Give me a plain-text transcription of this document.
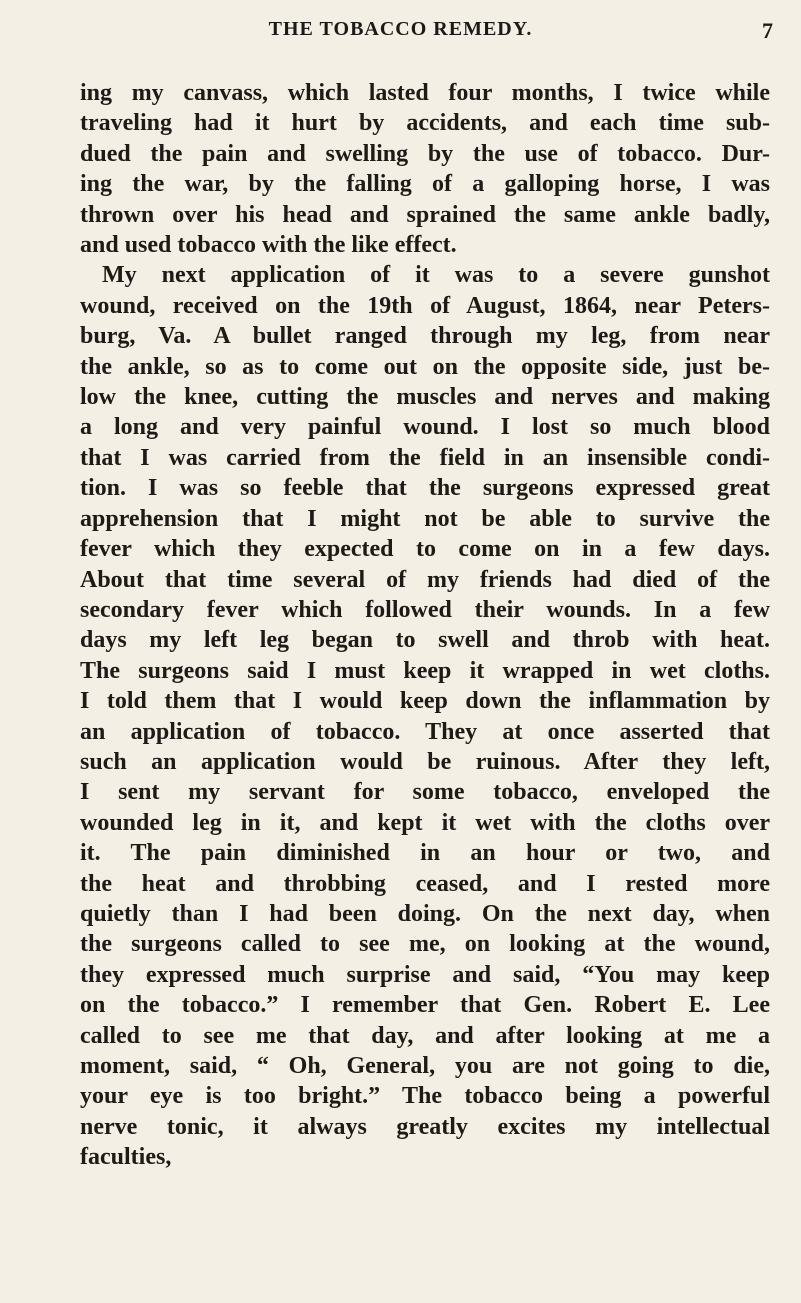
THE TOBACCO REMEDY.	7

ing my canvass, which lasted four months, I twice while
traveling had it hurt by accidents, and each time sub-
dued the pain and swelling by the use of tobacco. Dur-
ing the war, by the falling of a galloping horse, I was
thrown over his head and sprained the same ankle badly,
and used tobacco with the like effect.

My next application of it was to a severe gunshot
wound, received on the 19th of August, 1864, near Peters-
burg, Va. A bullet ranged through my leg, from near
the ankle, so as to come out on the opposite side, just be-
low the knee, cutting the muscles and nerves and making
a long and very painful wound. I lost so much blood
that I was carried from the field in an insensible condi-
tion. I was so feeble that the surgeons expressed great
apprehension that I might not be able to survive the
fever which they expected to come on in a few days.
About that time several of my friends had died of the
secondary fever which followed their wounds. In a few
days my left leg began to swell and throb with heat.
The surgeons said I must keep it wrapped in wet cloths.
I told them that I would keep down the inflammation by
an application of tobacco. They at once asserted that
such an application would be ruinous. After they left,
I sent my servant for some tobacco, enveloped the
wounded leg in it, and kept it wet with the cloths over
it. The pain diminished in an hour or two, and
the heat and throbbing ceased, and I rested more
quietly than I had been doing. On the next day, when
the surgeons called to see me, on looking at the wound,
they expressed much surprise and said, “You may keep
on the tobacco.” I remember that Gen. Robert E. Lee
called to see me that day, and after looking at me a
moment, said, “ Oh, General, you are not going to die,
your eye is too bright.” The tobacco being a powerful
nerve tonic, it always greatly excites my intellectual
faculties,
